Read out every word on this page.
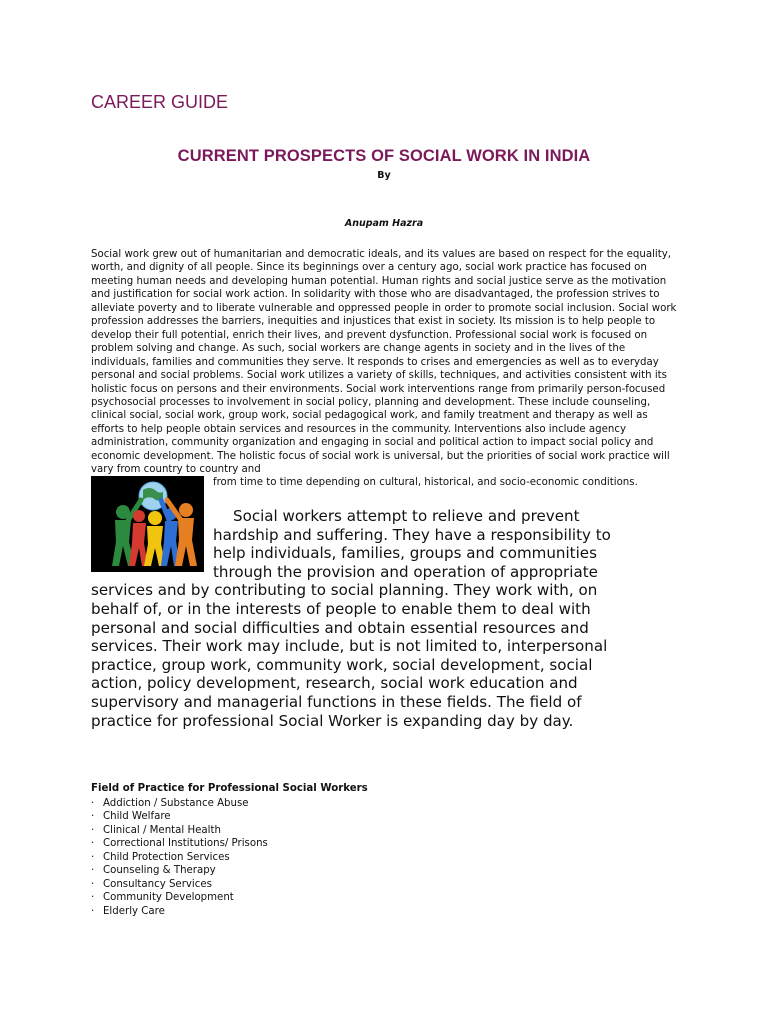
CAREER GUIDE
CURRENT PROSPECTS OF SOCIAL WORK IN INDIA

By

Anupam Hazra

Social work grew out of humanitarian and democratic ideals, and its values are based on respect for the equality, worth, and dignity of all people. Since its beginnings over a century ago, social work practice has focused on meeting human needs and developing human potential. Human rights and social justice serve as the motivation and justification for social work action. In solidarity with those who are disadvantaged, the profession strives to alleviate poverty and to liberate vulnerable and oppressed people in order to promote social inclusion. Social work profession addresses the barriers, inequities and injustices that exist in society. Its mission is to help people to develop their full potential, enrich their lives, and prevent dysfunction. Professional social work is focused on problem solving and change. As such, social workers are change agents in society and in the lives of the individuals, families and communities they serve. It responds to crises and emergencies as well as to everyday personal and social problems. Social work utilizes a variety of skills, techniques, and activities consistent with its holistic focus on persons and their environments. Social work interventions range from primarily person-focused psychosocial processes to involvement in social policy, planning and development. These include counseling, clinical social, social work, group work, social pedagogical work, and family treatment and therapy as well as efforts to help people obtain services and resources in the community. Interventions also include agency administration, community organization and engaging in social and political action to impact social policy and economic development. The holistic focus of social work is universal, but the priorities of social work practice will vary from country to country and

from time to time depending on cultural, historical, and socio-economic conditions.

Social workers attempt to relieve and prevent
hardship and suffering. They have a responsibility to
help individuals, families, groups and communities
through the provision and operation of appropriate
services and by contributing to social planning. They work with, on
behalf of, or in the interests of people to enable them to deal with
personal and social difficulties and obtain essential resources and
services. Their work may include, but is not limited to, interpersonal
practice, group work, community work, social development, social
action, policy development, research, social work education and
supervisory and managerial functions in these fields. The field of
practice for professional Social Worker is expanding day by day.

Field of Practice for Professional Social Workers

· Addiction / Substance Abuse
· Child Welfare
· Clinical / Mental Health
· Correctional Institutions/ Prisons
· Child Protection Services
· Counseling & Therapy
· Consultancy Services
· Community Development
· Elderly Care
